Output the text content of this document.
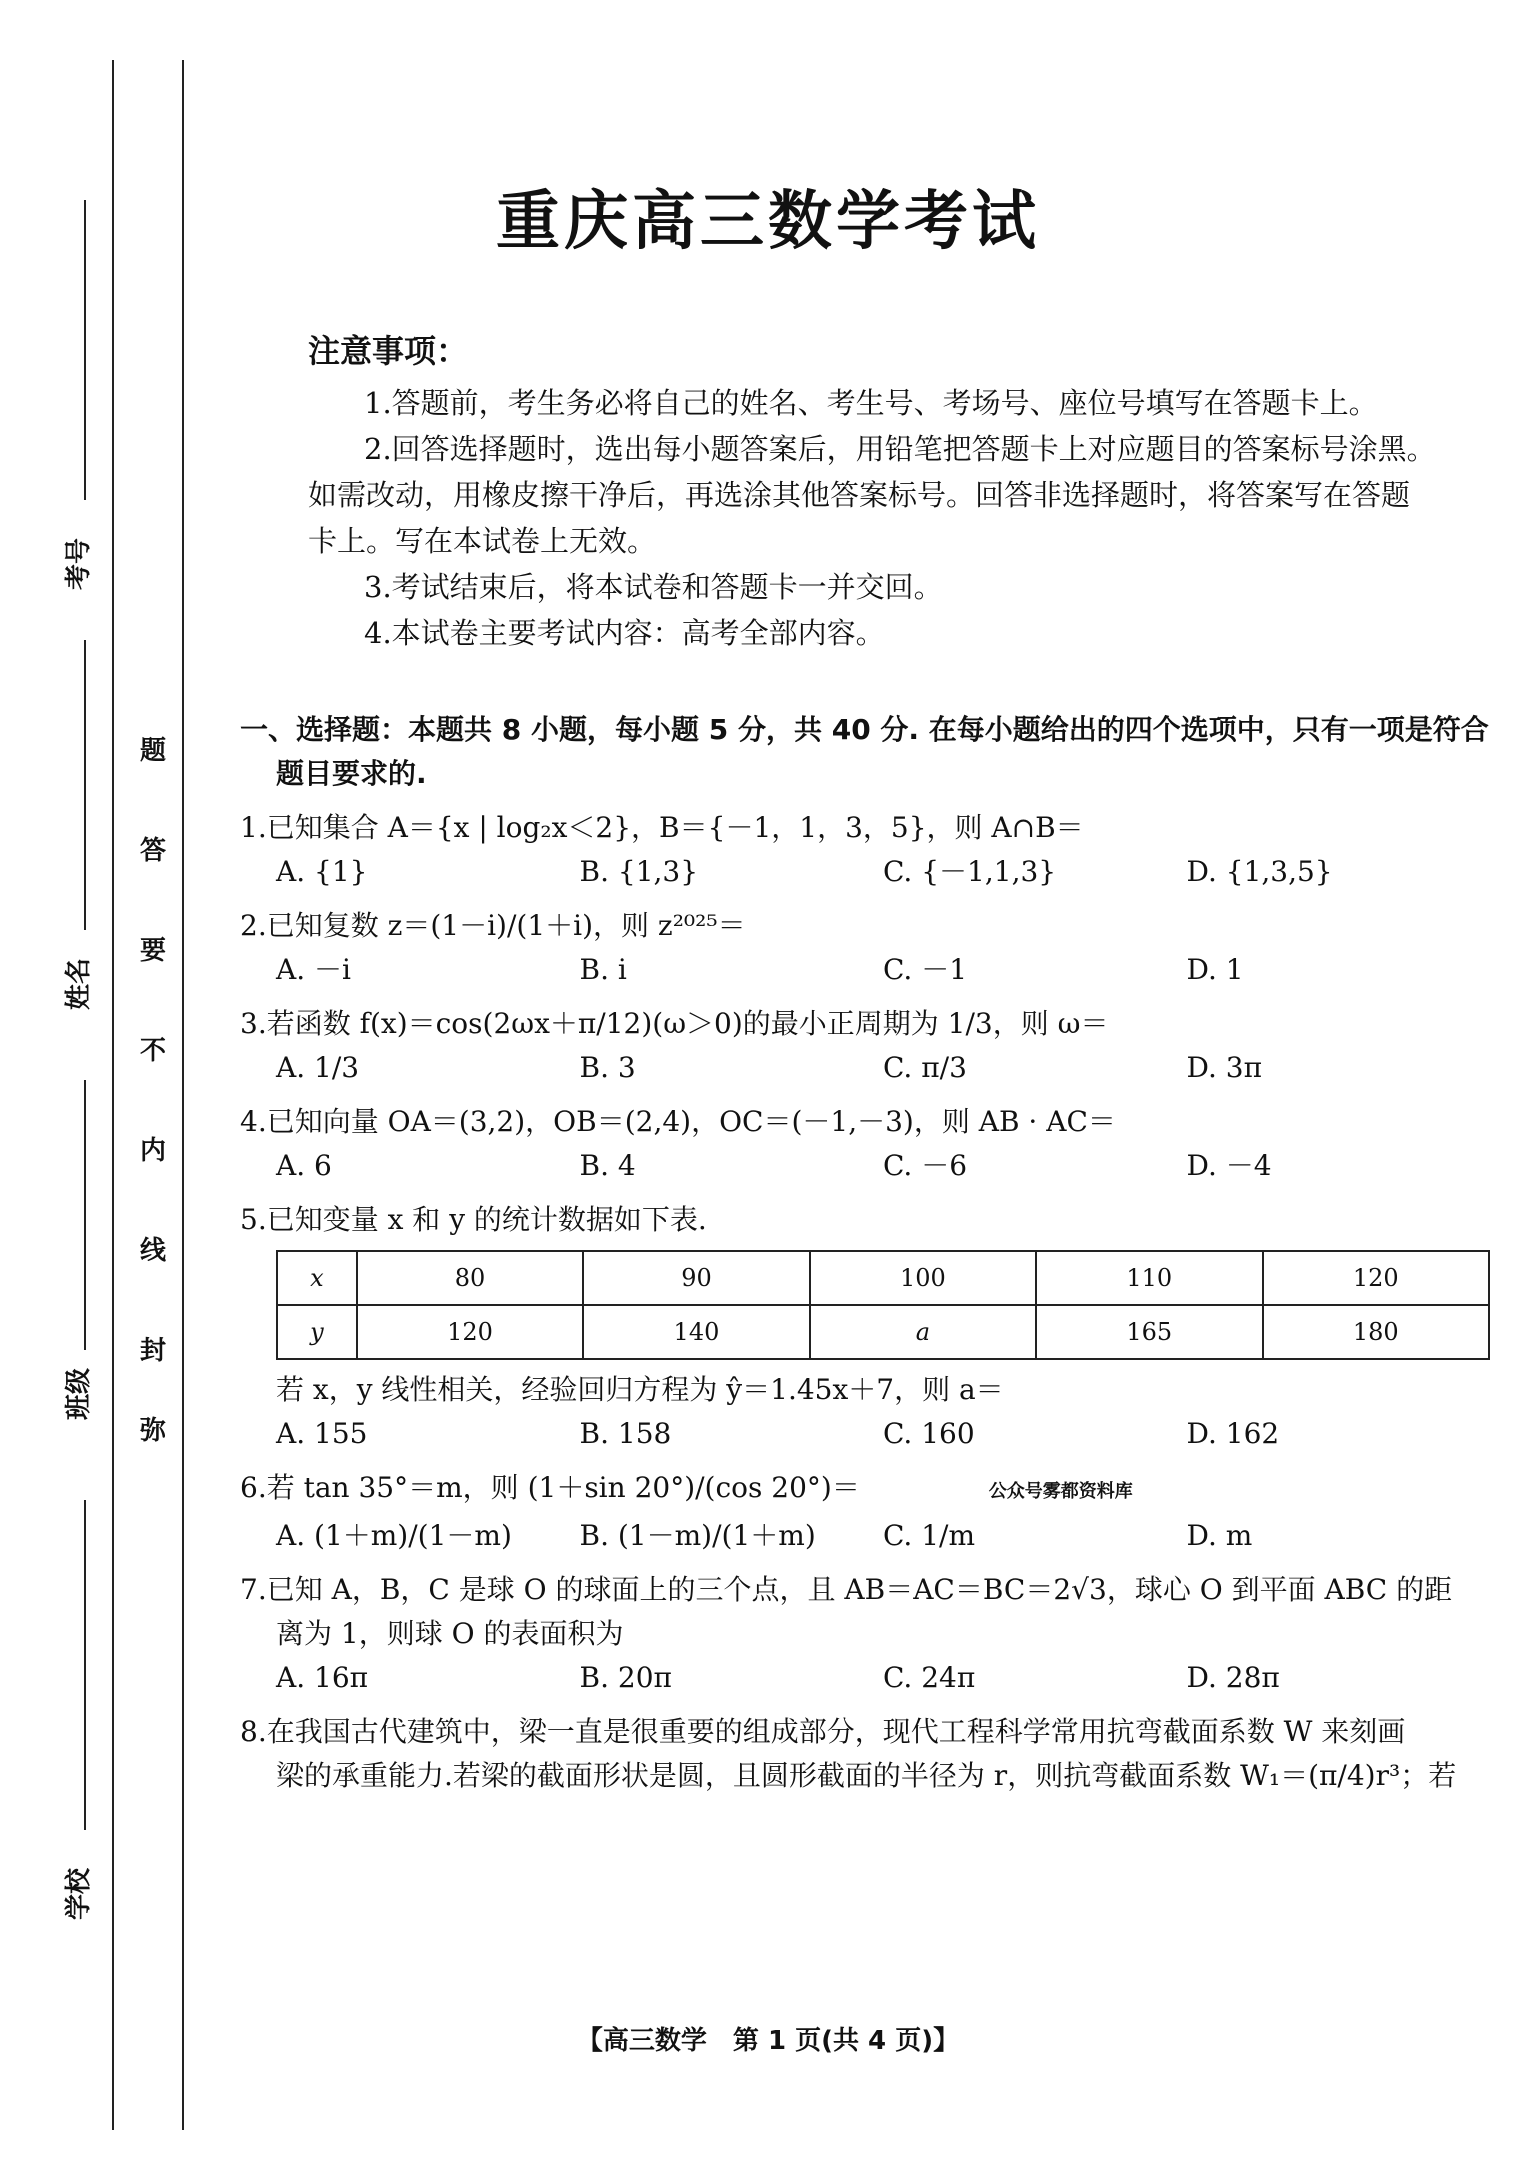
考号
姓名
班级
学校
题
答
要
不
内
线
封
弥
重庆高三数学考试
注意事项：

1.答题前，考生务必将自己的姓名、考生号、考场号、座位号填写在答题卡上。

2.回答选择题时，选出每小题答案后，用铅笔把答题卡上对应题目的答案标号涂黑。如需改动，用橡皮擦干净后，再选涂其他答案标号。回答非选择题时，将答案写在答题卡上。写在本试卷上无效。

3.考试结束后，将本试卷和答题卡一并交回。

4.本试卷主要考试内容：高考全部内容。

一、选择题：本题共 8 小题，每小题 5 分，共 40 分. 在每小题给出的四个选项中，只有一项是符合
题目要求的.
1.已知集合 A＝{x | log₂x＜2}，B＝{－1，1，3，5}，则 A∩B＝
A. {1}	B. {1,3}	C. {－1,1,3}	D. {1,3,5}
2.已知复数 z＝(1－i)/(1＋i)，则 z²⁰²⁵＝
A. －i	B. i	C. －1	D. 1
3.若函数 f(x)＝cos(2ωx＋π/12)(ω＞0)的最小正周期为 1/3，则 ω＝
A. 1/3	B. 3	C. π/3	D. 3π
4.已知向量 OA＝(3,2)，OB＝(2,4)，OC＝(－1,－3)，则 AB · AC＝
A. 6	B. 4	C. －6	D. －4
5.已知变量 x 和 y 的统计数据如下表.
x	80	90	100	110	120
y	120	140	a	165	180
若 x，y 线性相关，经验回归方程为 ŷ＝1.45x＋7，则 a＝
A. 155	B. 158	C. 160	D. 162
6.若 tan 35°＝m，则 (1＋sin 20°)/(cos 20°)＝	公众号雾都资料库
A. (1＋m)/(1－m)	B. (1－m)/(1＋m)	C. 1/m	D. m
7.已知 A，B，C 是球 O 的球面上的三个点，且 AB＝AC＝BC＝2√3，球心 O 到平面 ABC 的距
离为 1，则球 O 的表面积为
A. 16π	B. 20π	C. 24π	D. 28π
8.在我国古代建筑中，梁一直是很重要的组成部分，现代工程科学常用抗弯截面系数 W 来刻画
梁的承重能力.若梁的截面形状是圆，且圆形截面的半径为 r，则抗弯截面系数 W₁＝(π/4)r³；若
【高三数学　第 1 页(共 4 页)】
